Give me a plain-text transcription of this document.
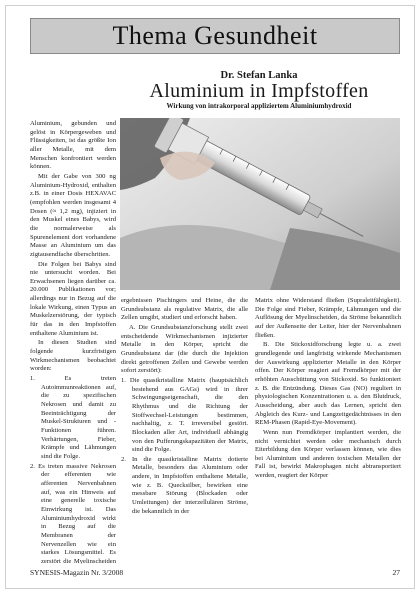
Thema Gesundheit
Dr. Stefan Lanka
Aluminium in Impfstoffen
Wirkung von intrakorporal appliziertem Aluminiumhydroxid

Aluminium, gebunden und gelöst in Körpergeweben und Flüssigkeiten, ist das größte Ion aller Metalle, mit dem Menschen konfrontiert werden können.

Mit der Gabe von 300 ng Aluminium-Hydroxid, enthalten z.B. in einer Dosis HEXAVAC (empfohlen werden insgesamt 4 Dosen (≈ 1,2 mg), injiziert in den Muskel eines Babys, wird die normalerweise als Spurenelement dort vorhandene Masse an Aluminium um das zigtausendfache überschritten.

Die Folgen bei Babys sind nie untersucht worden. Bei Erwachsenen liegen darüber ca. 20.000 Publikationen vor; allerdings nur in Bezug auf die lokale Wirkung, einen Typus an Muskelzerstörung, der typisch für das in den Impfstoffen enthaltene Aluminium ist.

In diesen Studien sind folgende kurzfristigen Wirkmechanismen beobachtet worden:

1. Es treten Autoimmunreaktionen auf, die zu spezifischen Nekrosen und damit zu Beeinträchtigung der Muskel-Strukturen und -Funktionen führen. Verhärtungen, Fieber, Krämpfe und Lähmungen sind die Folge.
2. Es treten massive Nekrosen der efferenten wie afferenten Nervenbahnen auf, was ein Hinweis auf eine generelle toxische Einwirkung ist. Das Aluminiumhydroxid wirkt in Bezug auf die Membranen der Nervenzellen wie ein starkes Lösungsmittel. Es zerstört die Myelinscheiden

ergebnissen Pischingers und Heine, die die Grundsubstanz als regulative Matrix, die alle Zellen umgibt, studiert und erforscht haben.

A. Die Grundsubstanzforschung stellt zwei entscheidende Wirkmechanismen injizierter Metalle in den Körper, spricht die Grundsubstanz dar (die durch die Injektion direkt getroffenen Zellen und Gewebe werden sofort zerstört):

1. Die quasikristalline Matrix (hauptsächlich bestehend aus GAGs) wird in ihrer Schwingungseigenschaft, die den Rhythmus und die Richtung der Stoffwechsel-Leistungen bestimmen, nachhaltig, z. T. irreversibel gestört. Blockaden aller Art, individuell abhängig von den Pufferungskapazitäten der Matrix, sind die Folge.
2. In die quasikristalline Matrix dotierte Metalle, besonders das Aluminium oder andere, in Impfstoffen enthaltene Metalle, wie z. B. Quecksilber, bewirken eine messbare Störung (Blockaden oder Umleitungen) der interzellulären Ströme, die bekanntlich in der

Matrix ohne Widerstand fließen (Supraleitfähigkeit). Die Folge sind Fieber, Krämpfe, Lähmungen und die Auflösung der Myelinscheiden, da Ströme bekanntlich auf der Außenseite der Leiter, hier der Nervenbahnen fließen.

B. Die Stickoxidforschung legte u. a. zwei grundlegende und langfristig wirkende Mechanismen der Auswirkung applizierter Metalle in den Körper offen. Der Körper reagiert auf Fremdkörper mit der erhöhten Ausschüttung von Stickoxid. So funktioniert z. B. die Entzündung. Dieses Gas (NO) reguliert in physiologischen Konzentrationen u. a. den Blutdruck, Ausscheidung, aber auch das Lernen, spricht den Abgleich des Kurz- und Langzeitgedächtnisses in den REM-Phasen (Rapid-Eye-Movement).

Wenn nun Fremdkörper implantiert werden, die nicht vernichtet werden oder mechanisch durch Eiterbildung den Körper verlassen können, wie dies bei Aluminium und anderen toxischen Metallen der Fall ist, bewirkt Makrophagen nicht abtransportiert werden, reagiert der Körper

SYNESIS-Magazin Nr. 3/2008	27
